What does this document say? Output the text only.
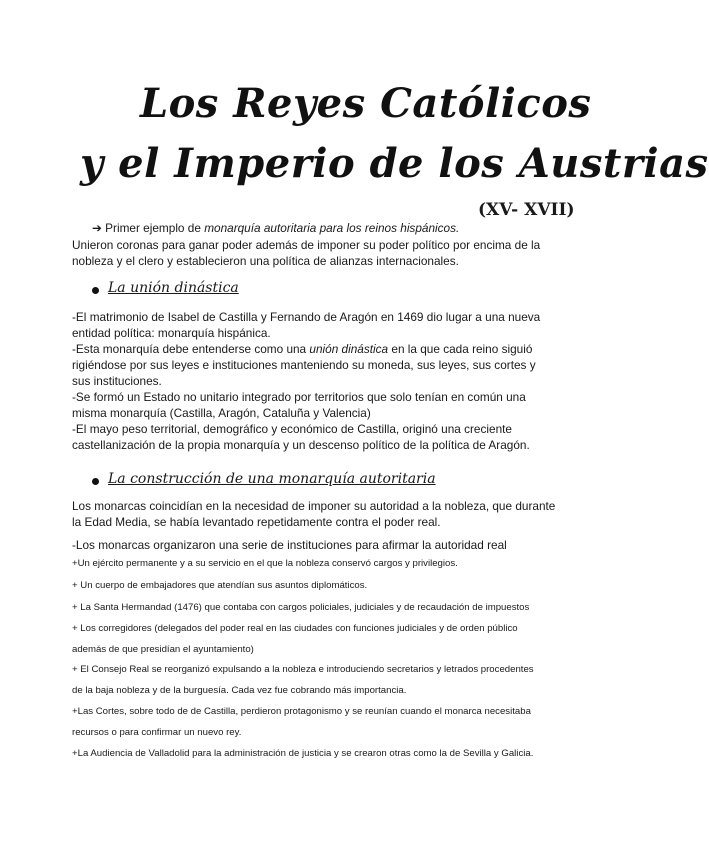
Los Reyes Católicos
y el Imperio de los Austrias
(XV- XVII)
➔ Primer ejemplo de monarquía autoritaria para los reinos hispánicos.
Unieron coronas para ganar poder además de imponer su poder político por encima de la
nobleza y el clero y establecieron una política de alianzas internacionales.
La unión dinástica
-El matrimonio de Isabel de Castilla y Fernando de Aragón en 1469 dio lugar a una nueva
entidad política: monarquía hispánica.
-Esta monarquía debe entenderse como una unión dinástica en la que cada reino siguió
rigiéndose por sus leyes e instituciones manteniendo su moneda, sus leyes, sus cortes y
sus instituciones.
-Se formó un Estado no unitario integrado por territorios que solo tenían en común una
misma monarquía (Castilla, Aragón, Cataluña y Valencia)
-El mayo peso territorial, demográfico y económico de Castilla, originó una creciente
castellanización de la propia monarquía y un descenso político de la política de Aragón.
La construcción de una monarquía autoritaria
Los monarcas coincidían en la necesidad de imponer su autoridad a la nobleza, que durante
la Edad Media, se había levantado repetidamente contra el poder real.
-Los monarcas organizaron una serie de instituciones para afirmar la autoridad real
+Un ejército permanente y a su servicio en el que la nobleza conservó cargos y privilegios.
+ Un cuerpo de embajadores que atendían sus asuntos diplomáticos.
+ La Santa Hermandad (1476) que contaba con cargos policiales, judiciales y de recaudación de impuestos
+ Los corregidores (delegados del poder real en las ciudades con funciones judiciales y de orden público
además de que presidían el ayuntamiento)
+ El Consejo Real se reorganizó expulsando a la nobleza e introduciendo secretarios y letrados procedentes
de la baja nobleza y de la burguesía. Cada vez fue cobrando más importancia.
+Las Cortes, sobre todo de de Castilla, perdieron protagonismo y se reunían cuando el monarca necesitaba
recursos o para confirmar un nuevo rey.
+La Audiencia de Valladolid para la administración de justicia y se crearon otras como la de Sevilla y Galicia.
